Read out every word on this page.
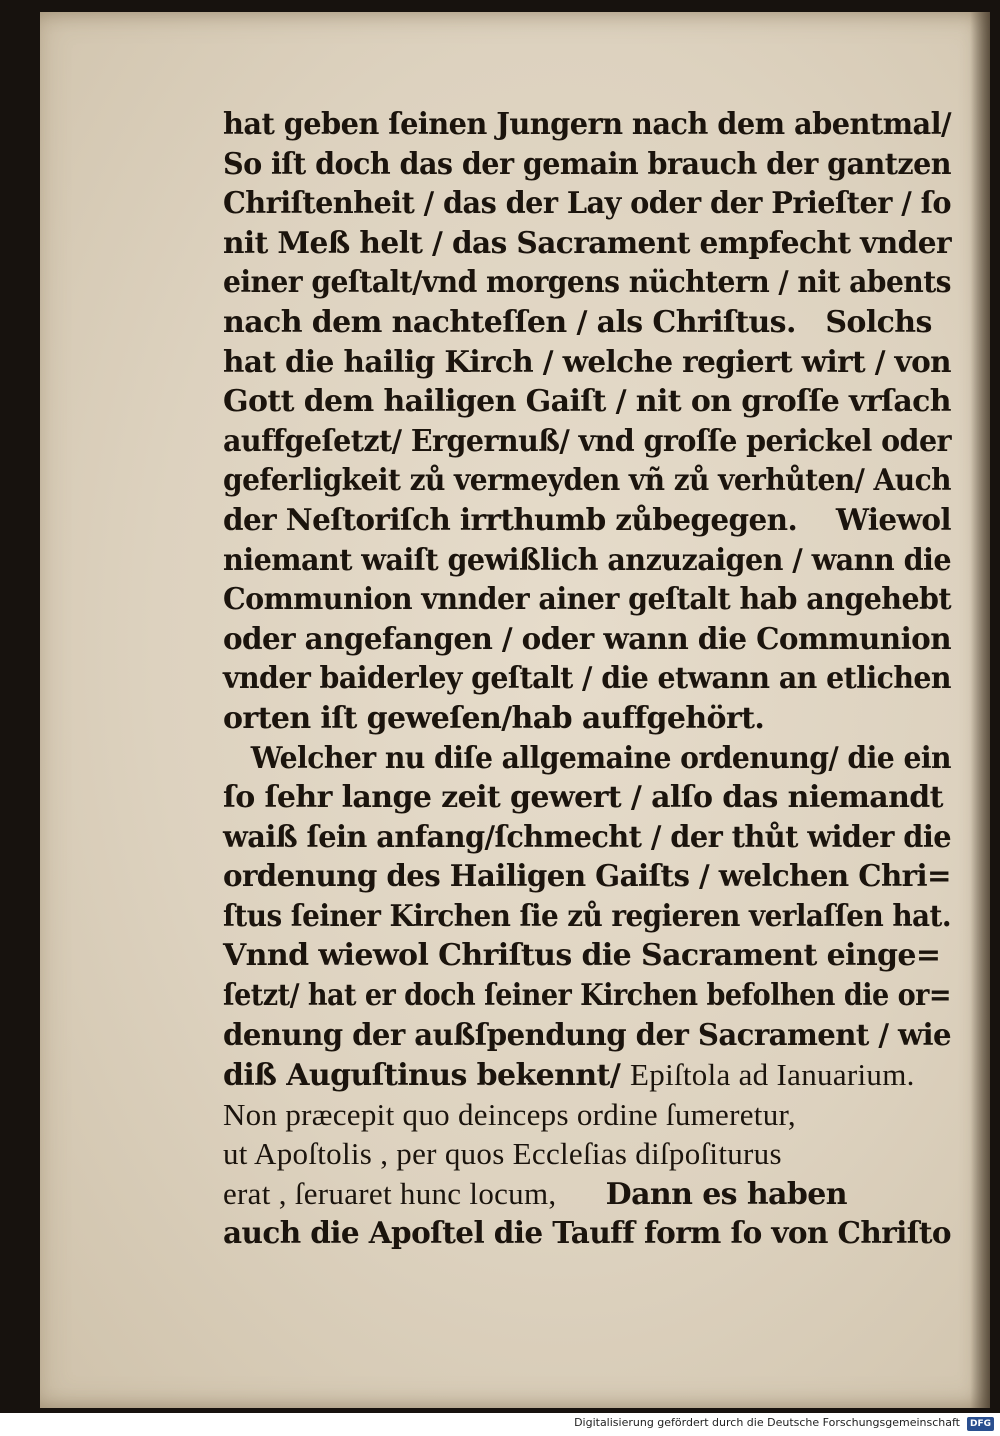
hat geben ſeinen Jungern nach dem abentmal/
So iſt doch das der gemain brauch der gantzen
Chriſtenheit / das der Lay oder der Prieſter / ſo
nit Meß helt / das Sacrament empfecht vnder
einer geſtalt/vnd morgens nüchtern / nit abents
nach dem nachteſſen / als Chriſtus.   Solchs
hat die hailig Kirch / welche regiert wirt / von
Gott dem hailigen Gaiſt / nit on groſſe vrſach
auffgeſetzt/ Ergernuß/ vnd groſſe perickel oder
geferligkeit zů vermeyden vñ zů verhůten/ Auch
der Neſtoriſch irrthumb zůbegegen.    Wiewol
niemant waiſt gewißlich anzuzaigen / wann die
Communion vnnder ainer geſtalt hab angehebt
oder angefangen / oder wann die Communion
vnder baiderley geſtalt / die etwann an etlichen
orten iſt geweſen/hab auffgehört.
Welcher nu diſe allgemaine ordenung/ die ein
ſo ſehr lange zeit gewert / alſo das niemandt
waiß ſein anfang/ſchmecht / der thůt wider die
ordenung des Hailigen Gaiſts / welchen Chri=
ſtus ſeiner Kirchen ſie zů regieren verlaſſen hat.
Vnnd wiewol Chriſtus die Sacrament einge=
ſetzt/ hat er doch ſeiner Kirchen befolhen die or=
denung der außſpendung der Sacrament / wie
diß Auguſtinus bekennt/ Epiſtola ad Ianuarium.
Non præcepit quo deinceps ordine ſumeretur,
ut Apoſtolis , per quos Eccleſias diſpoſiturus
erat , ſeruaret hunc locum,     Dann es haben
auch die Apoſtel die Tauff form ſo von Chriſto
Digitalisierung gefördert durch die Deutsche Forschungsgemeinschaft	DFG
